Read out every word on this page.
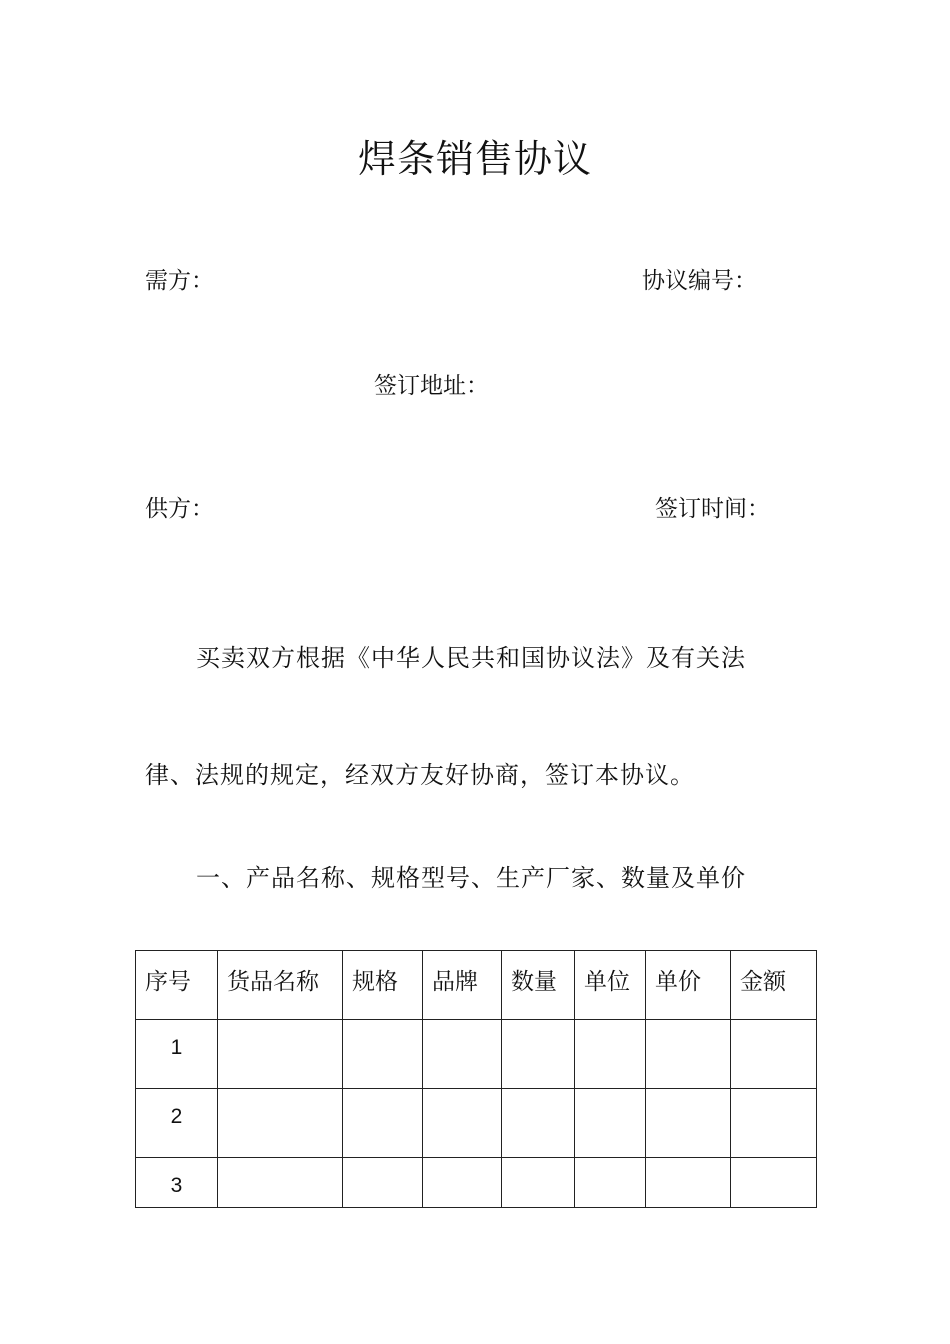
焊条销售协议
需方：	协议编号：
签订地址：
供方：	签订时间：
买卖双方根据《中华人民共和国协议法》及有关法
律、法规的规定，经双方友好协商，签订本协议。
一、产品名称、规格型号、生产厂家、数量及单价
序号	货品名称	规格	品牌	数量	单位	单价	金额
1							
2							
3							
